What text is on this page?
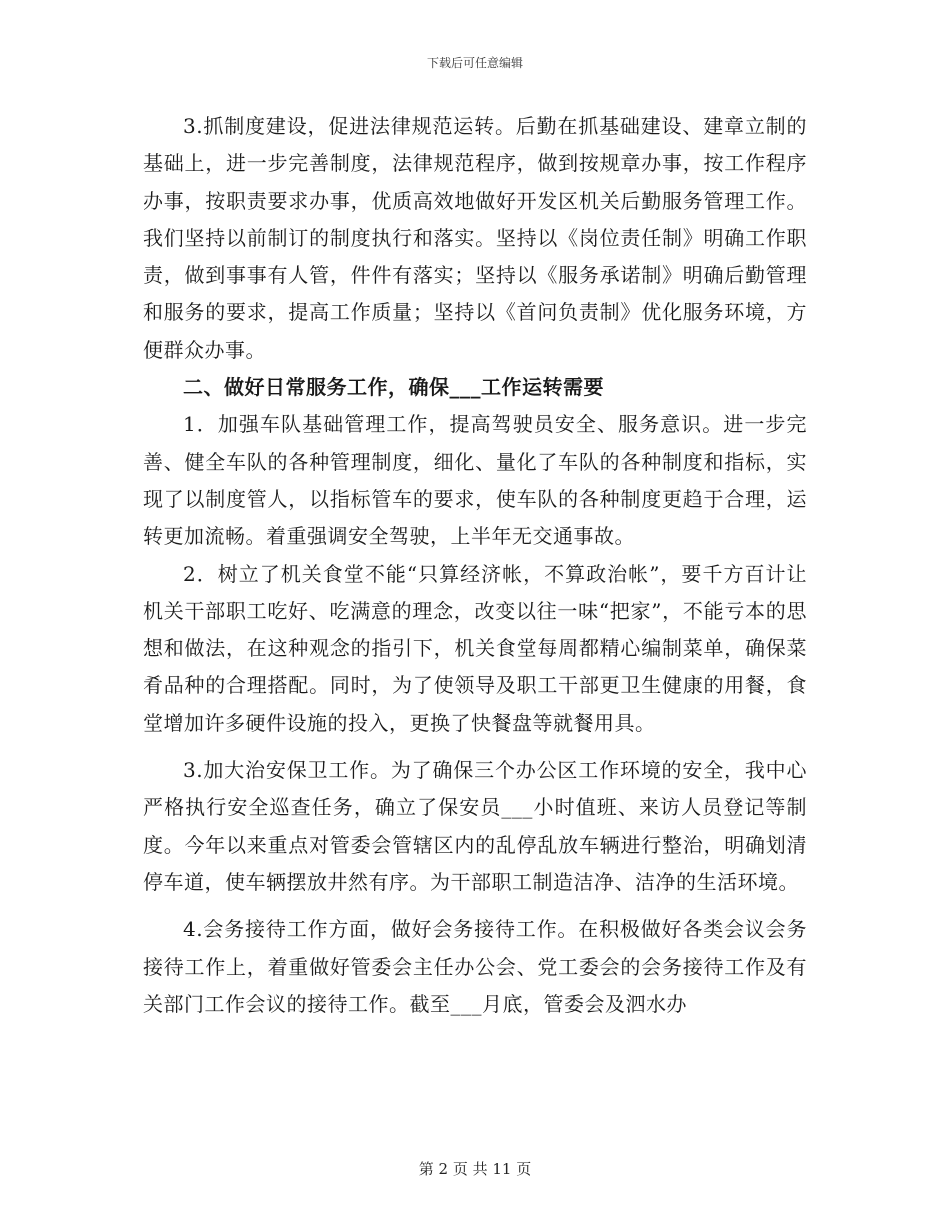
下载后可任意编辑

3.抓制度建设，促进法律规范运转。后勤在抓基础建设、建章立制的基础上，进一步完善制度，法律规范程序，做到按规章办事，按工作程序办事，按职责要求办事，优质高效地做好开发区机关后勤服务管理工作。我们坚持以前制订的制度执行和落实。坚持以《岗位责任制》明确工作职责，做到事事有人管，件件有落实；坚持以《服务承诺制》明确后勤管理和服务的要求，提高工作质量；坚持以《首问负责制》优化服务环境，方便群众办事。

二、做好日常服务工作，确保___工作运转需要

1．加强车队基础管理工作，提高驾驶员安全、服务意识。进一步完善、健全车队的各种管理制度，细化、量化了车队的各种制度和指标，实现了以制度管人，以指标管车的要求，使车队的各种制度更趋于合理，运转更加流畅。着重强调安全驾驶，上半年无交通事故。

2．树立了机关食堂不能“只算经济帐，不算政治帐”，要千方百计让机关干部职工吃好、吃满意的理念，改变以往一味“把家”，不能亏本的思想和做法，在这种观念的指引下，机关食堂每周都精心编制菜单，确保菜肴品种的合理搭配。同时，为了使领导及职工干部更卫生健康的用餐，食堂增加许多硬件设施的投入，更换了快餐盘等就餐用具。

3.加大治安保卫工作。为了确保三个办公区工作环境的安全，我中心严格执行安全巡查任务，确立了保安员___小时值班、来访人员登记等制度。今年以来重点对管委会管辖区内的乱停乱放车辆进行整治，明确划清停车道，使车辆摆放井然有序。为干部职工制造洁净、洁净的生活环境。

4.会务接待工作方面，做好会务接待工作。在积极做好各类会议会务接待工作上，着重做好管委会主任办公会、党工委会的会务接待工作及有关部门工作会议的接待工作。截至___月底，管委会及泗水办

第 2 页 共 11 页
